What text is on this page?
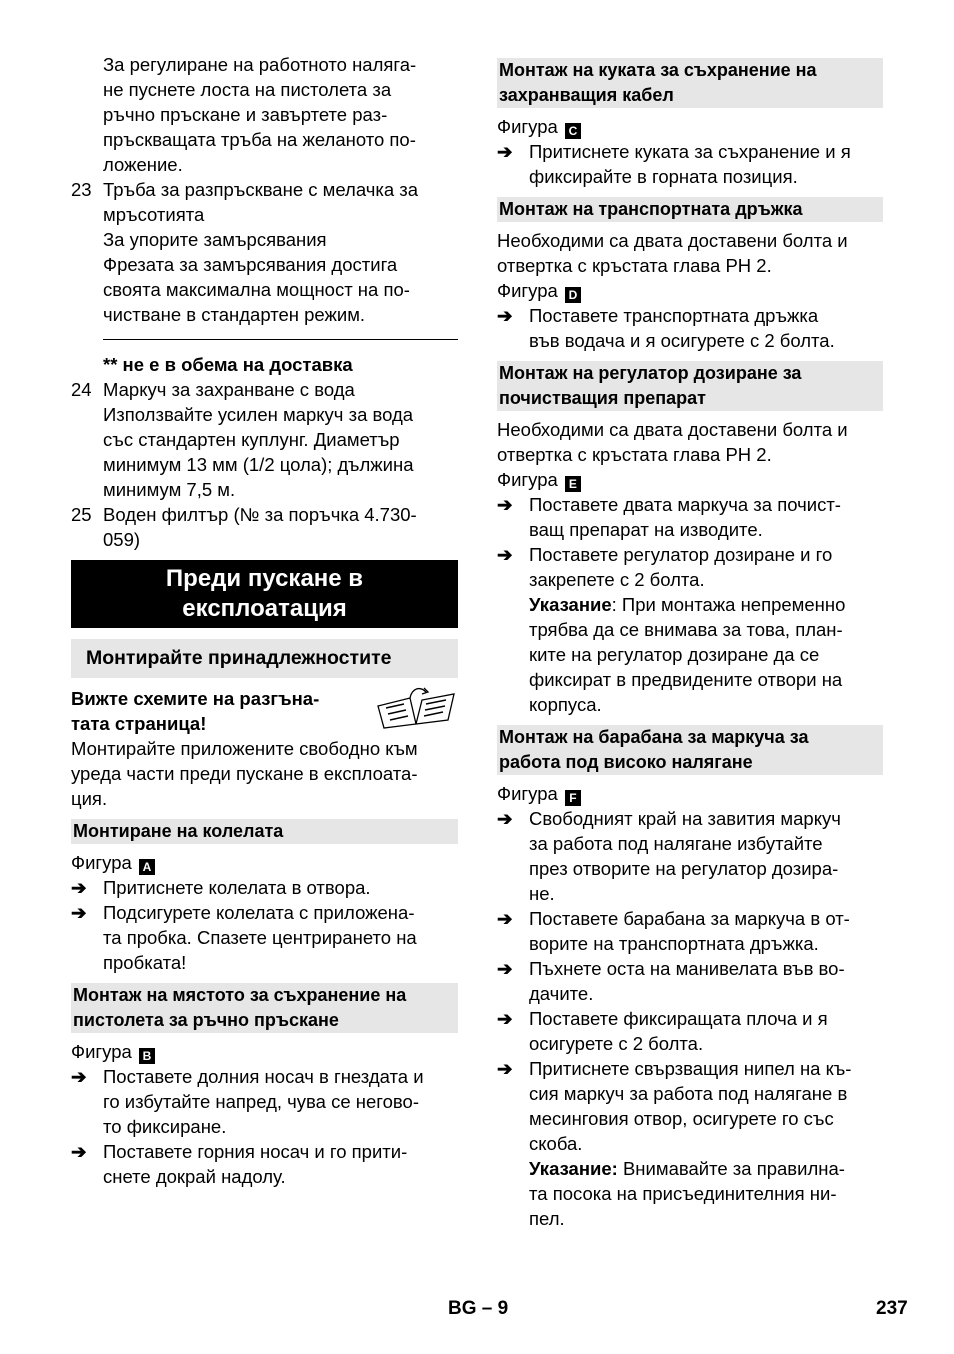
За регулиране на работното наляга-

не пуснете лоста на пистолета за

ръчно пръскане и завъртете раз-

пръскващата тръба на желаното по-

ложение.

23 Тръба за разпръскване с мелачка за

мръсотията

За упорите замърсявания

Фрезата за замърсявания достига

своята максимална мощност на по-

чистване в стандартен режим.

** не е в обема на доставка

24 Маркуч за захранване с вода

Използвайте усилен маркуч за вода

със стандартен куплунг. Диаметър

минимум 13 мм (1/2 цола); дължина

минимум 7,5 м.

25 Воден филтър (№ за поръчка 4.730-

059)

Преди пускане в
експлоатация
Монтирайте принадлежностите

Вижте схемите на разгъна-

тата страница!

Монтирайте приложените свободно към

уреда части преди пускане в експлоата-

ция.

Монтиране на колелата

Фигура A

➔ Притиснете колелата в отвора.

➔ Подсигурете колелата с приложена-

та пробка. Спазете центрирането на

пробката!

Монтаж на мястото за съхранение на
пистолета за ръчно пръскане

Фигура B

➔ Поставете долния носач в гнездата и

го избутайте напред, чува се негово-

то фиксиране.

➔ Поставете горния носач и го прити-

снете докрай надолу.

Монтаж на куката за съхранение на
захранващия кабел

Фигура C

➔ Притиснете куката за съхранение и я

фиксирайте в горната позиция.

Монтаж на транспортната дръжка

Необходими са двата доставени болта и

отвертка с кръстата глава PH 2.

Фигура D

➔ Поставете транспортната дръжка

във водача и я осигурете с 2 болта.

Монтаж на регулатор дозиране за
почистващия препарат

Необходими са двата доставени болта и

отвертка с кръстата глава PH 2.

Фигура E

➔ Поставете двата маркуча за почист-

ващ препарат на изводите.

➔ Поставете регулатор дозиране и го

закрепете с 2 болта.

Указание: При монтажа непременно

трябва да се внимава за това, план-

ките на регулатор дозиране да се

фиксират в предвидените отвори на

корпуса.

Монтаж на барабана за маркуча за
работа под високо налягане

Фигура F

➔ Свободният край на завития маркуч

за работа под налягане избутайте

през отворите на регулатор дозира-

не.

➔ Поставете барабана за маркуча в от-

ворите на транспортната дръжка.

➔ Пъхнете оста на манивелата във во-

дачите.

➔ Поставете фиксиращата плоча и я

осигурете с 2 болта.

➔ Притиснете свързващия нипел на къ-

сия маркуч за работа под налягане в

месинговия отвор, осигурете го със

скоба.

Указание: Внимавайте за правилна-

та посока на присъединителния ни-

пел.

BG – 9	237
